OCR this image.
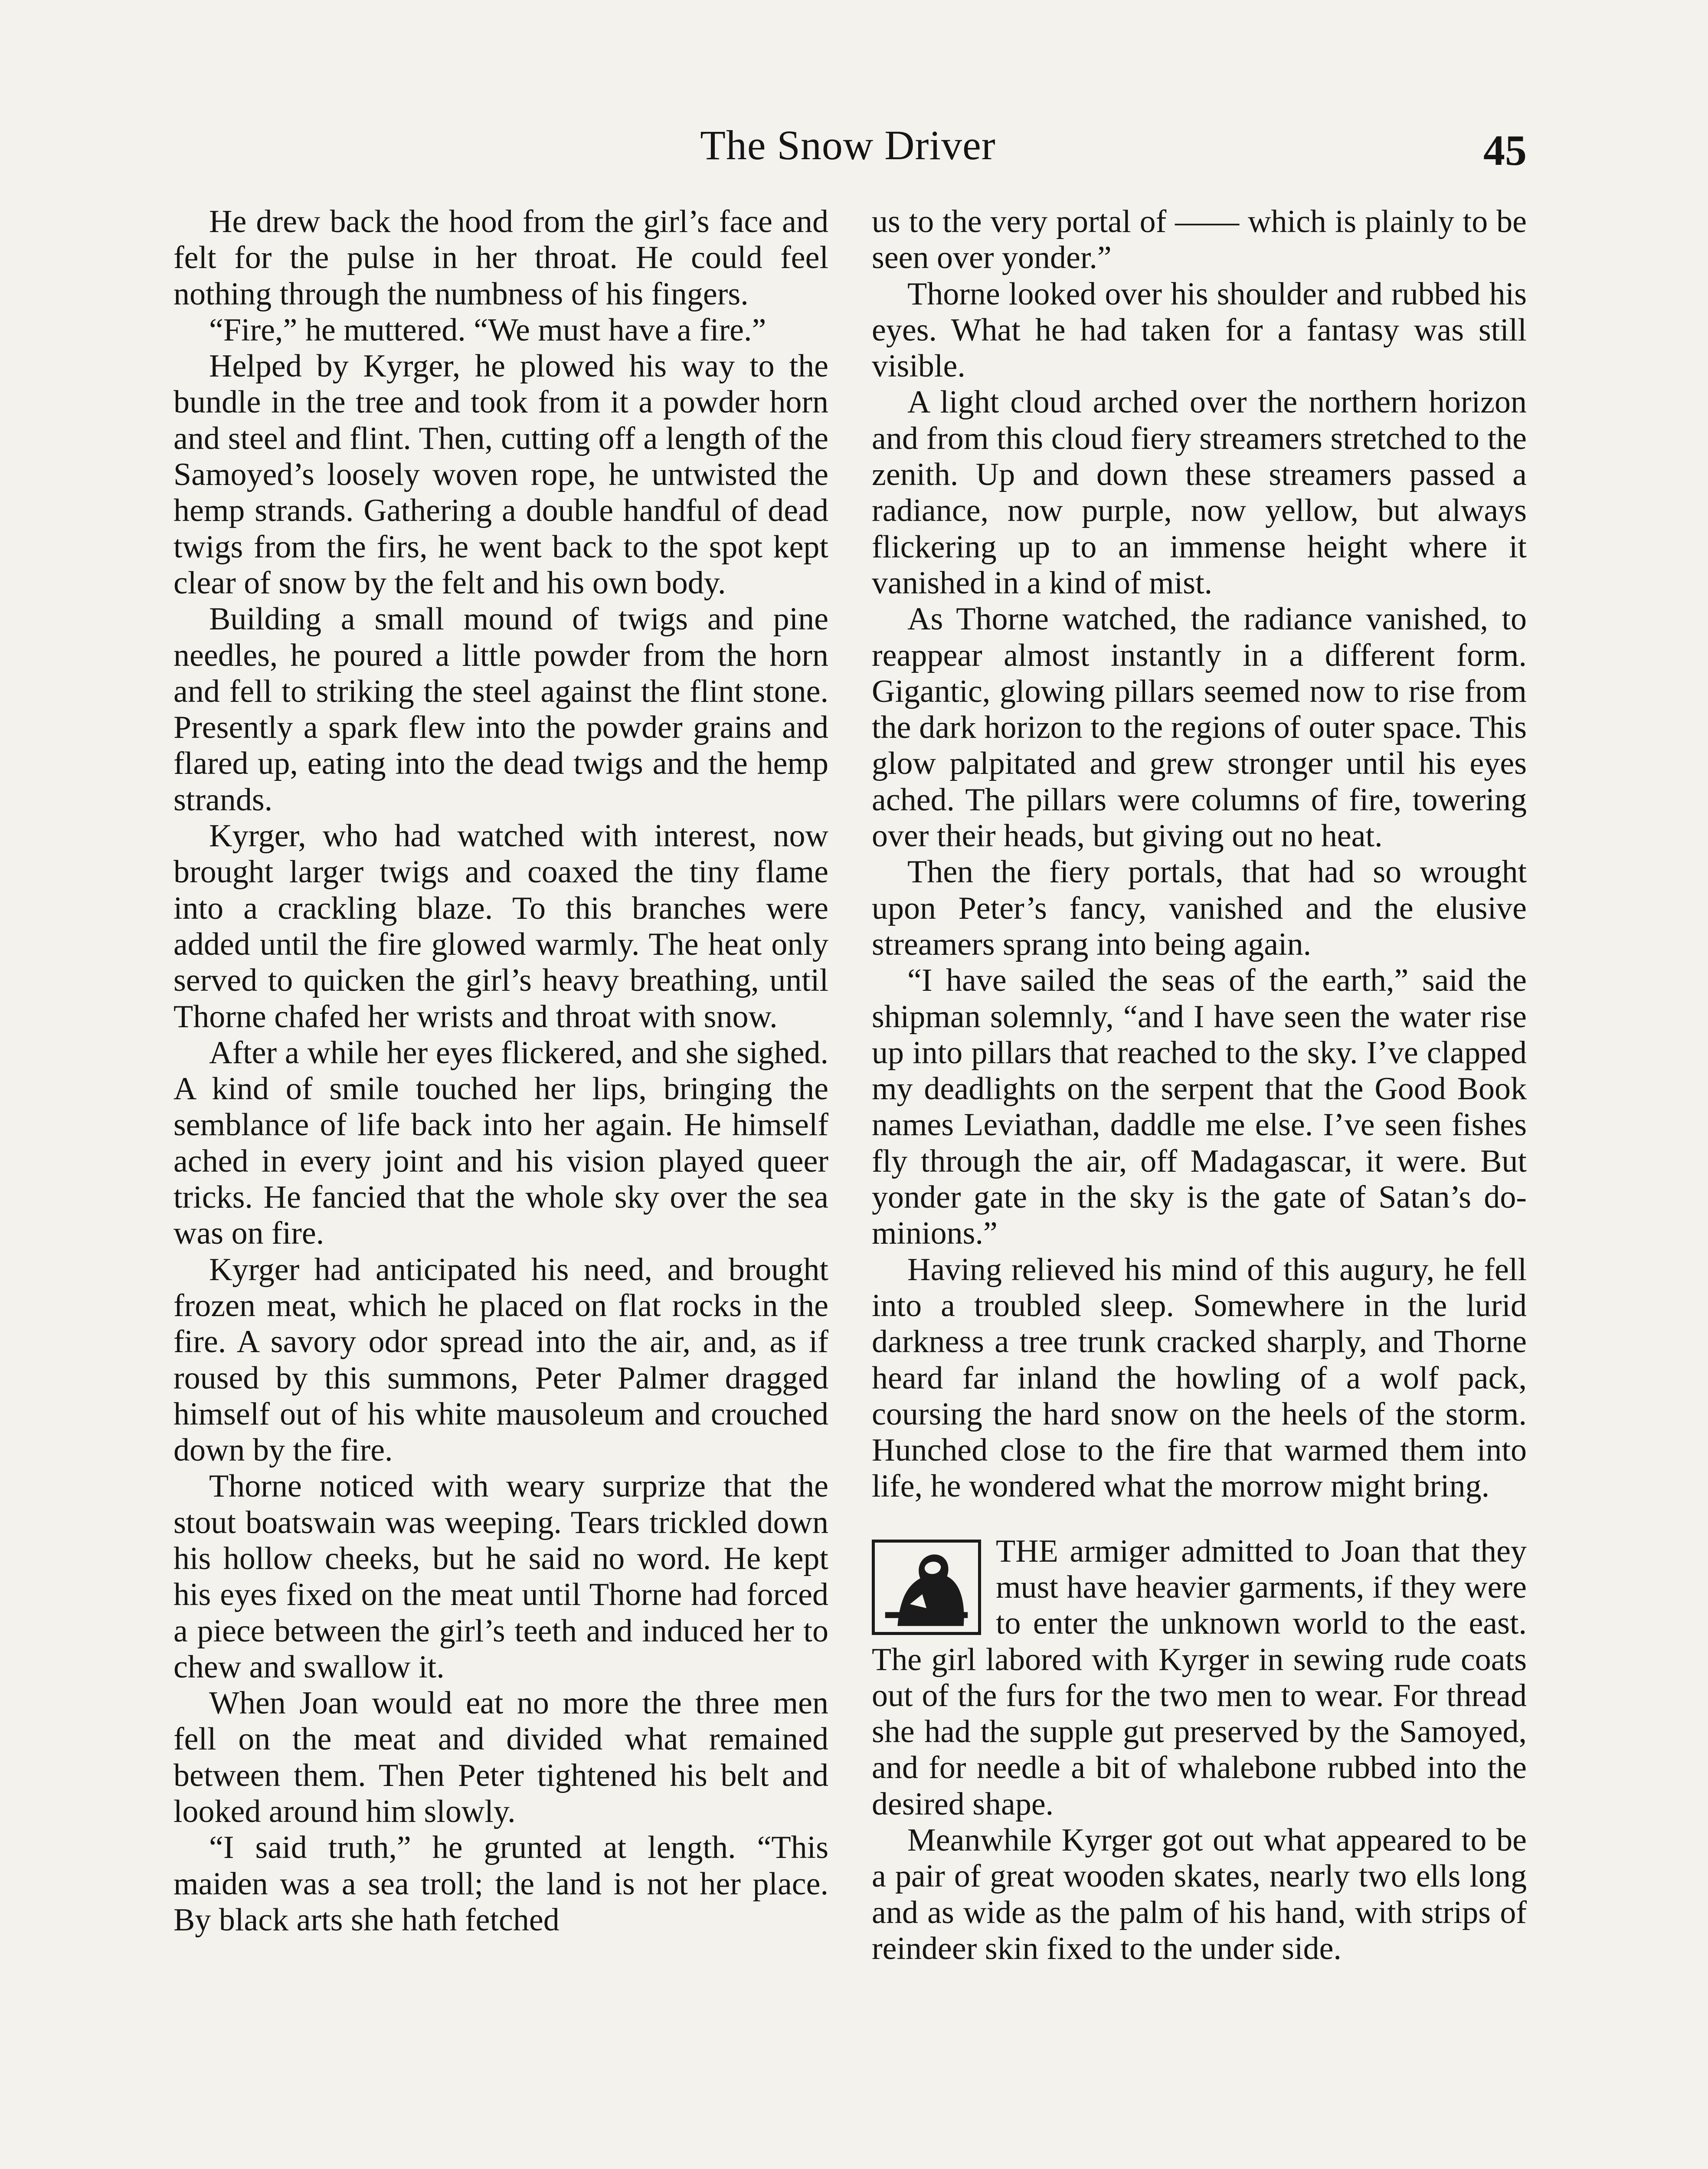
The Snow Driver	45

He drew back the hood from the girl’s face and felt for the pulse in her throat. He could feel nothing through the numbness of his fingers.

“Fire,” he muttered. “We must have a fire.”

Helped by Kyrger, he plowed his way to the bundle in the tree and took from it a powder horn and steel and flint. Then, cutting off a length of the Samoyed’s loosely woven rope, he untwisted the hemp strands. Gathering a double handful of dead twigs from the firs, he went back to the spot kept clear of snow by the felt and his own body.

Building a small mound of twigs and pine needles, he poured a little powder from the horn and fell to striking the steel against the flint stone. Presently a spark flew into the powder grains and flared up, eating into the dead twigs and the hemp strands.

Kyrger, who had watched with interest, now brought larger twigs and coaxed the tiny flame into a crackling blaze. To this branches were added until the fire glowed warmly. The heat only served to quicken the girl’s heavy breathing, until Thorne chafed her wrists and throat with snow.

After a while her eyes flickered, and she sighed. A kind of smile touched her lips, bringing the semblance of life back into her again. He himself ached in every joint and his vision played queer tricks. He fancied that the whole sky over the sea was on fire.

Kyrger had anticipated his need, and brought frozen meat, which he placed on flat rocks in the fire. A savory odor spread into the air, and, as if roused by this summons, Peter Palmer dragged himself out of his white mausoleum and crouched down by the fire.

Thorne noticed with weary surprize that the stout boatswain was weeping. Tears trickled down his hollow cheeks, but he said no word. He kept his eyes fixed on the meat until Thorne had forced a piece between the girl’s teeth and induced her to chew and swallow it.

When Joan would eat no more the three men fell on the meat and divided what remained between them. Then Peter tightened his belt and looked around him slowly.

“I said truth,” he grunted at length. “This maiden was a sea troll; the land is not her place. By black arts she hath fetched

us to the very portal of —— which is plainly to be seen over yonder.”

Thorne looked over his shoulder and rubbed his eyes. What he had taken for a fantasy was still visible.

A light cloud arched over the northern horizon and from this cloud fiery streamers stretched to the zenith. Up and down these streamers passed a radiance, now purple, now yellow, but always flickering up to an immense height where it vanished in a kind of mist.

As Thorne watched, the radiance vanished, to reappear almost instantly in a different form. Gigantic, glowing pillars seemed now to rise from the dark horizon to the regions of outer space. This glow palpitated and grew stronger until his eyes ached. The pillars were columns of fire, towering over their heads, but giving out no heat.

Then the fiery portals, that had so wrought upon Peter’s fancy, vanished and the elusive streamers sprang into being again.

“I have sailed the seas of the earth,” said the shipman solemnly, “and I have seen the water rise up into pillars that reached to the sky. I’ve clapped my deadlights on the serpent that the Good Book names Leviathan, daddle me else. I’ve seen fishes fly through the air, off Madagascar, it were. But yonder gate in the sky is the gate of Satan’s do-minions.”

Having relieved his mind of this augury, he fell into a troubled sleep. Somewhere in the lurid darkness a tree trunk cracked sharply, and Thorne heard far inland the howling of a wolf pack, coursing the hard snow on the heels of the storm. Hunched close to the fire that warmed them into life, he wondered what the morrow might bring.

THE armiger admitted to Joan that they must have heavier garments, if they were to enter the unknown world to the east. The girl labored with Kyrger in sewing rude coats out of the furs for the two men to wear. For thread she had the supple gut preserved by the Samoyed, and for needle a bit of whalebone rubbed into the desired shape.

Meanwhile Kyrger got out what appeared to be a pair of great wooden skates, nearly two ells long and as wide as the palm of his hand, with strips of reindeer skin fixed to the under side.
